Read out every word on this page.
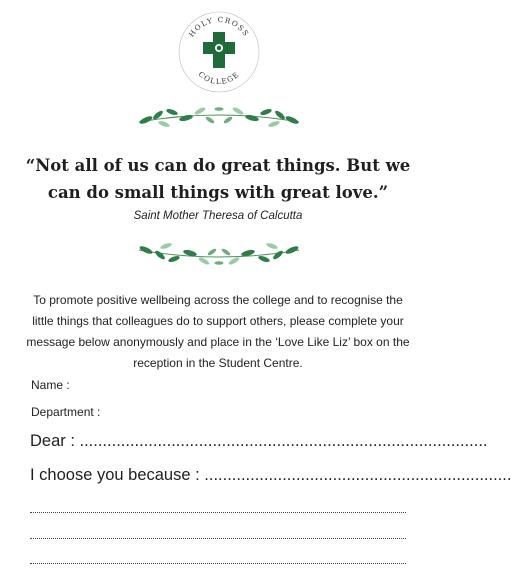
HOLY CROSS
COLLEGE

“Not all of us can do great things. But we can do small things with great love.”

Saint Mother Theresa of Calcutta

To promote positive wellbeing across the college and to recognise the little things that colleagues do to support others, please complete your message below anonymously and place in the ‘Love Like Liz’ box on the reception in the Student Centre.

Name :
Department :
Dear : .........................................................................................
I choose you because : ...................................................................
